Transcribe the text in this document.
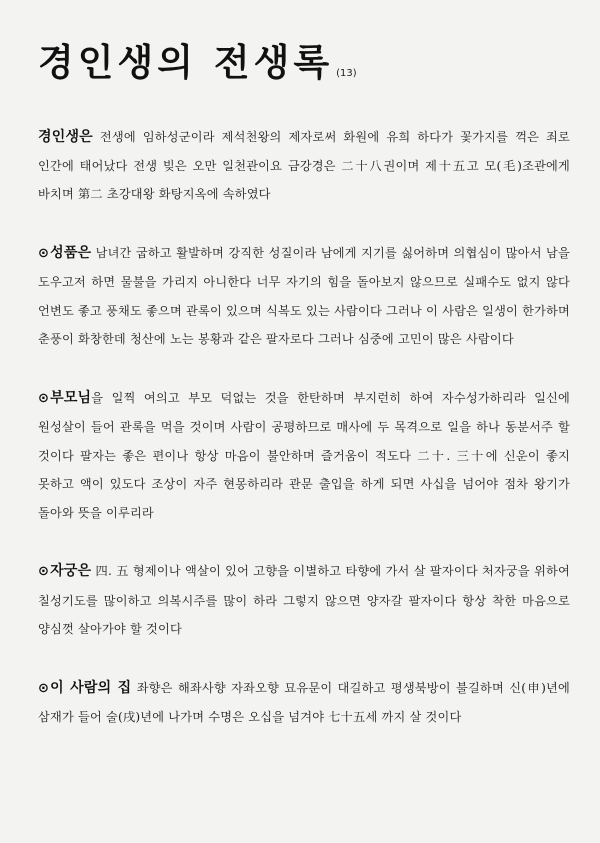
경인생의 전생록 (13)

경인생은 전생에 임하성군이라 제석천왕의 제자로써 화원에 유희 하다가 꽃가지를 꺽은 죄로 인간에 태어났다 전생 빚은 오만 일천관이요 금강경은 二十八권이며 제十五고 모(毛)조관에게 바치며 第二 초강대왕 화탕지옥에 속하였다

⊙성품은 남녀간 굽하고 활발하며 강직한 성질이라 남에게 지기를 싫어하며 의협심이 많아서 남을 도우고저 하면 물불을 가리지 아니한다 너무 자기의 힘을 돌아보지 않으므로 실패수도 없지 않다 언변도 좋고 풍채도 좋으며 관록이 있으며 식복도 있는 사람이다 그러나 이 사람은 일생이 한가하며 춘풍이 화창한데 청산에 노는 봉황과 같은 팔자로다 그러나 심중에 고민이 많은 사람이다

⊙부모님을 일찍 여의고 부모 덕없는 것을 한탄하며 부지런히 하여 자수성가하리라 일신에 원성살이 들어 관록을 먹을 것이며 사람이 공평하므로 매사에 두 목격으로 일을 하나 동분서주 할 것이다 팔자는 좋은 편이나 항상 마음이 불안하며 즐거움이 적도다 二十. 三十에 신운이 좋지 못하고 액이 있도다 조상이 자주 현몽하리라 관문 출입을 하게 되면 사십을 넘어야 점차 왕기가 돌아와 뜻을 이루리라

⊙자궁은 四. 五 형제이나 액살이 있어 고향을 이별하고 타향에 가서 살 팔자이다 처자궁을 위하여 칠성기도를 많이하고 의복시주를 많이 하라 그렇지 않으면 양자갈 팔자이다 항상 착한 마음으로 양심껏 살아가야 할 것이다

⊙이 사람의 집 좌향은 해좌사향 자좌오향 묘유문이 대길하고 평생북방이 불길하며 신(申)년에 삼재가 들어 술(戌)년에 나가며 수명은 오십을 넘겨야 七十五세 까지 살 것이다
